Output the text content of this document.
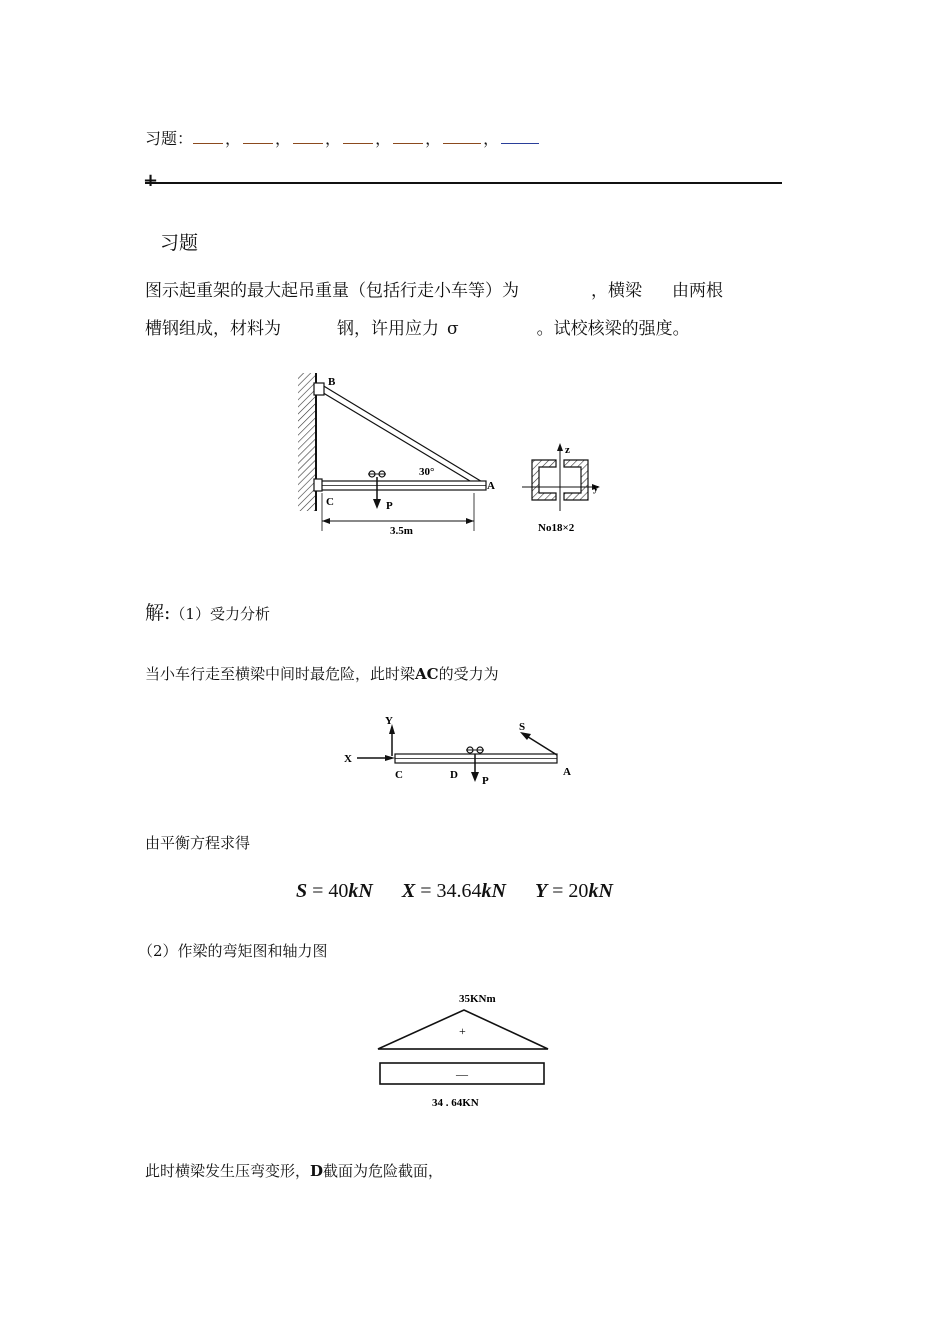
习题： ， ， ， ， ，	，
+
习题
图示起重架的最大起吊重量（包括行走小车等）为	，横梁 由两根
槽钢组成，材料为	钢，许用应力 σ	。试校核梁的强度。
B
C	P
A
30°
3.5m
z
y
No18×2
解:（1）受力分析
当小车行走至横梁中间时最危险，此时梁AC的受力为
Y
X
C	D P
S
A
由平衡方程求得
S = 40kN X = 34.64kN Y = 20kN
（2）作梁的弯矩图和轴力图
35KNm
+
—
34 . 64KN
此时横梁发生压弯变形，D截面为危险截面，
